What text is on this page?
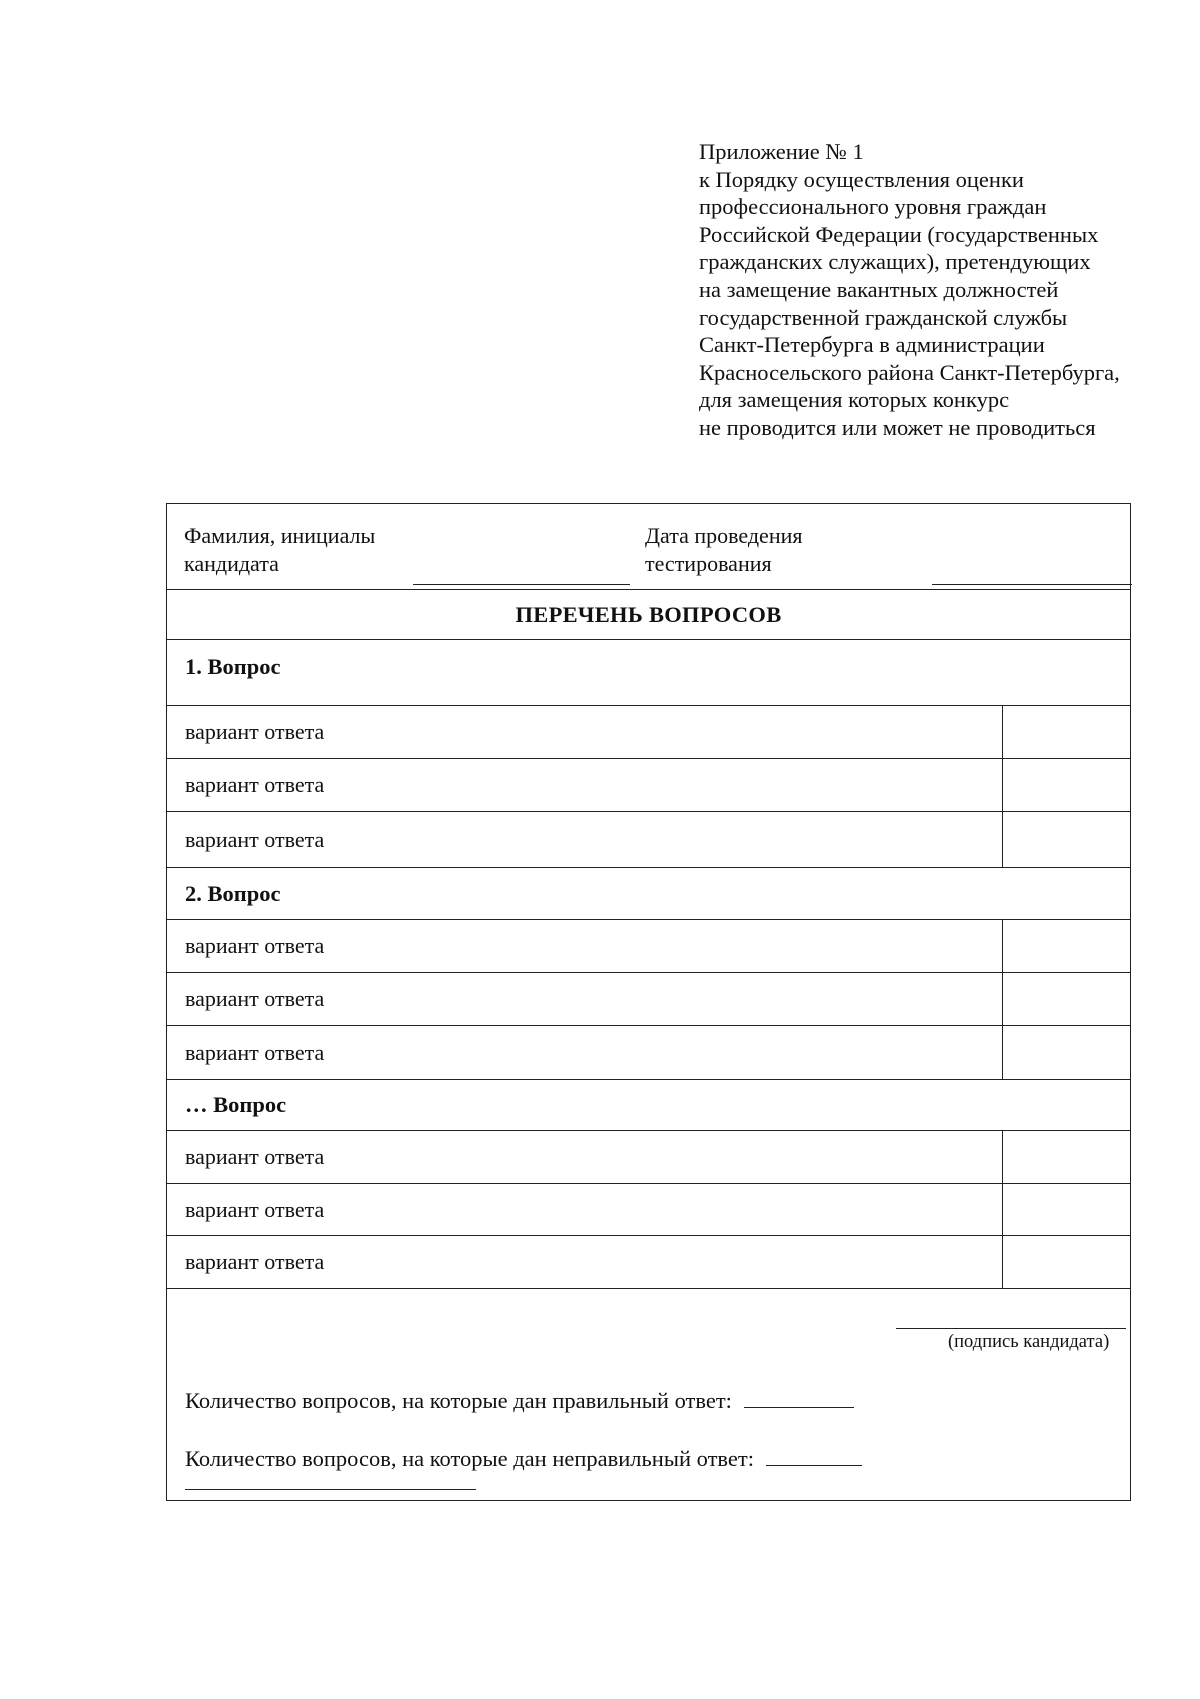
Приложение № 1
к Порядку осуществления оценки
профессионального уровня граждан
Российской Федерации (государственных
гражданских служащих), претендующих
на замещение вакантных должностей
государственной гражданской службы
Санкт-Петербурга в администрации
Красносельского района Санкт-Петербурга,
для замещения которых конкурс
не проводится или может не проводиться
Фамилия, инициалы
кандидата
Дата проведения
тестирования
ПЕРЕЧЕНЬ ВОПРОСОВ
1. Вопрос
вариант ответа
вариант ответа
вариант ответа
2. Вопрос
вариант ответа
вариант ответа
вариант ответа
… Вопрос
вариант ответа
вариант ответа
вариант ответа
(подпись кандидата)
Количество вопросов, на которые дан правильный ответ:
Количество вопросов, на которые дан неправильный ответ:
